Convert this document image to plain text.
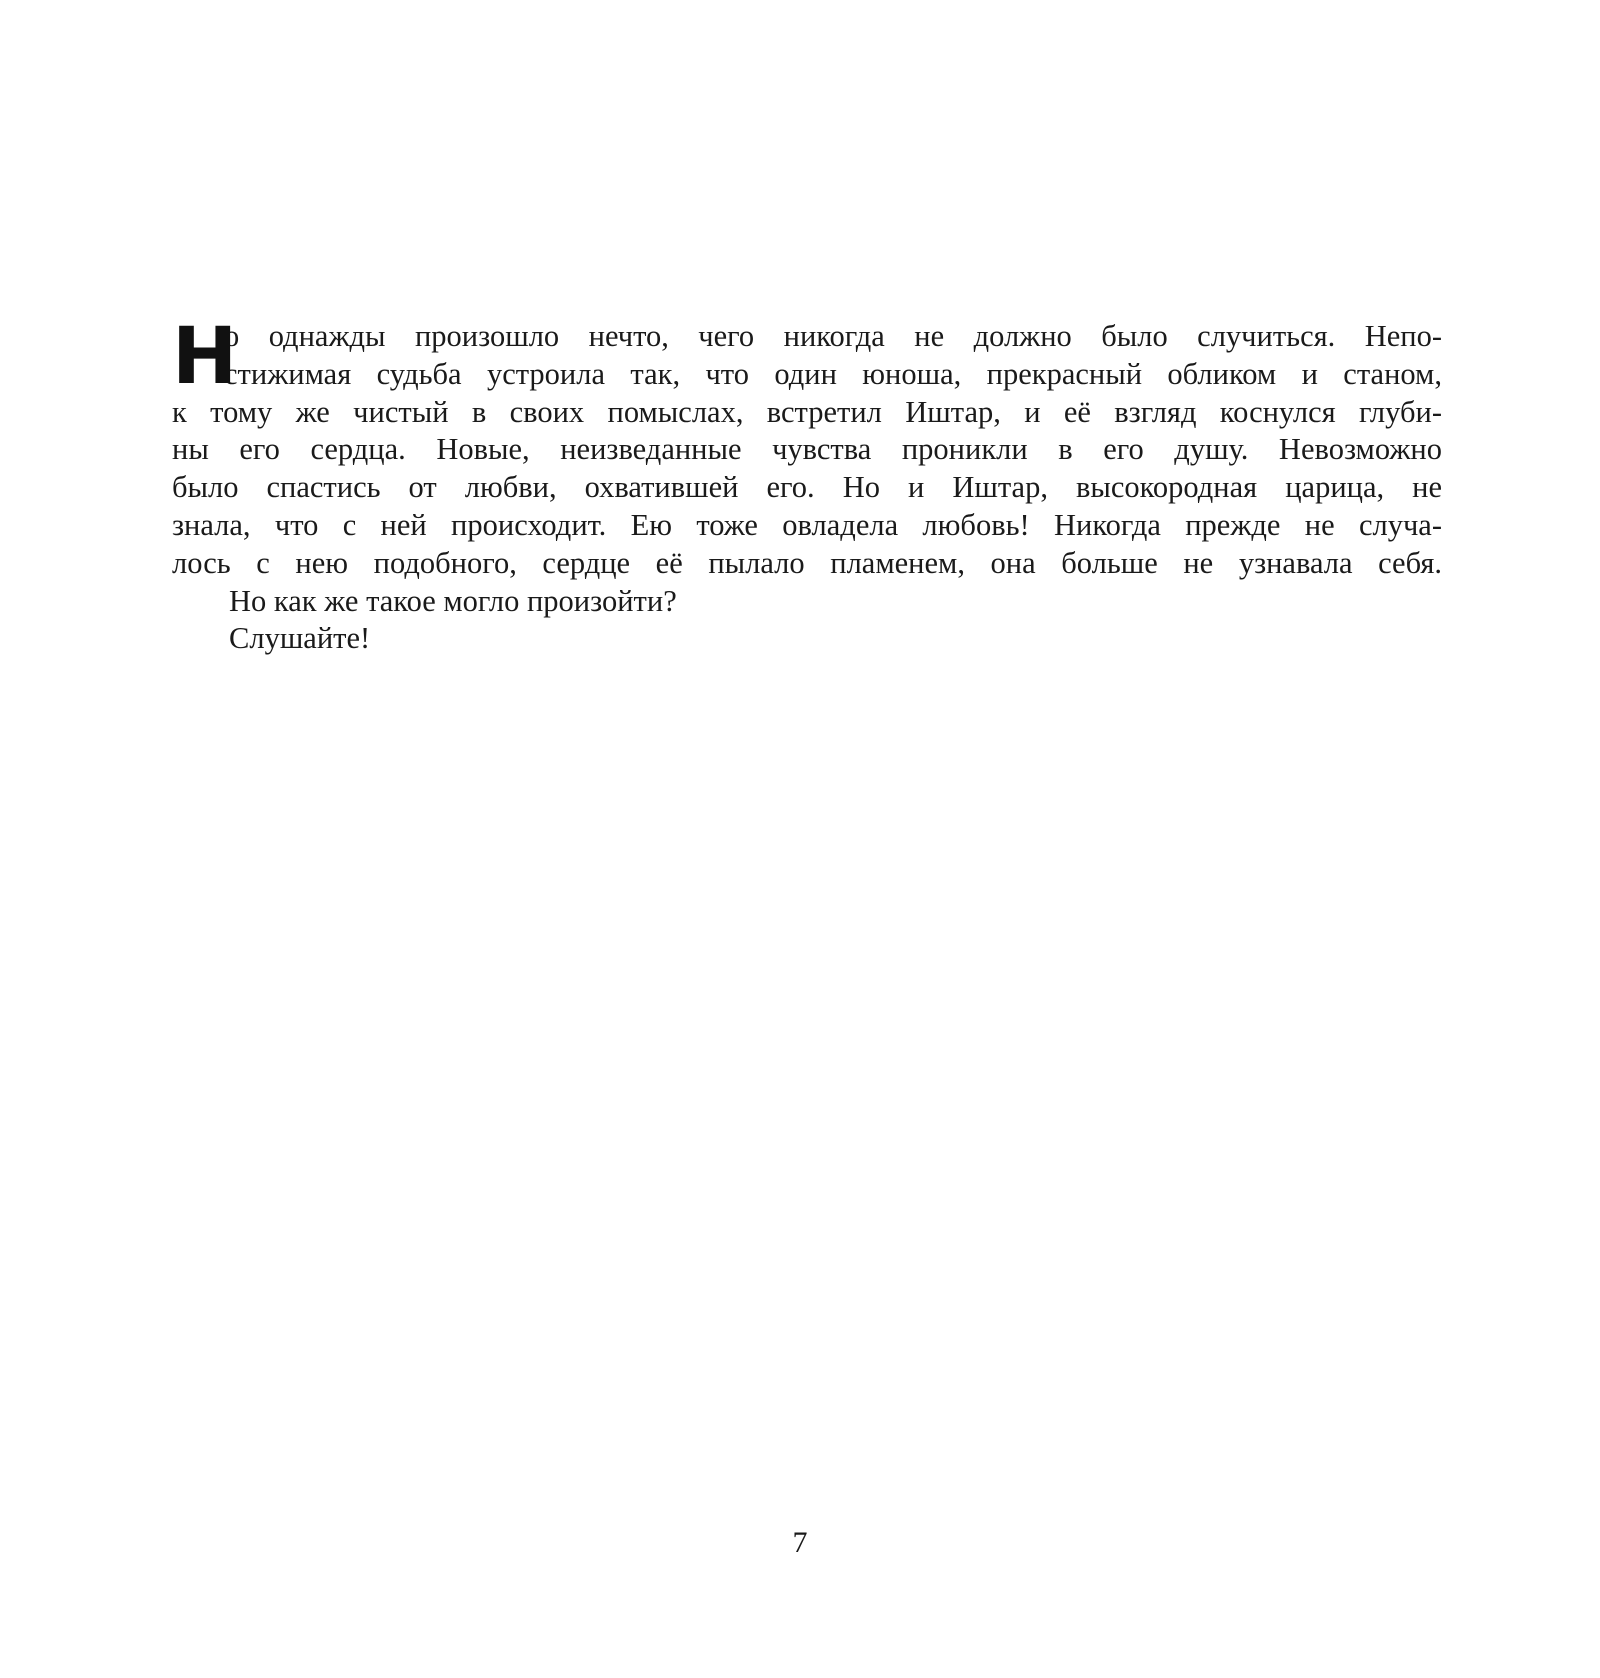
Н
о однажды произошло нечто, чего никогда не должно было случиться. Непо-
стижимая судьба устроила так, что один юноша, прекрасный обликом и станом,
к тому же чистый в своих помыслах, встретил Иштар, и её взгляд коснулся глуби-
ны его сердца. Новые, неизведанные чувства проникли в его душу. Невозможно
было спастись от любви, охватившей его. Но и Иштар, высокородная царица, не
знала, что с ней происходит. Ею тоже овладела любовь! Никогда прежде не случа-
лось с нею подобного, сердце её пылало пламенем, она больше не узнавала себя.
Но как же такое могло произойти?
Слушайте!
7
